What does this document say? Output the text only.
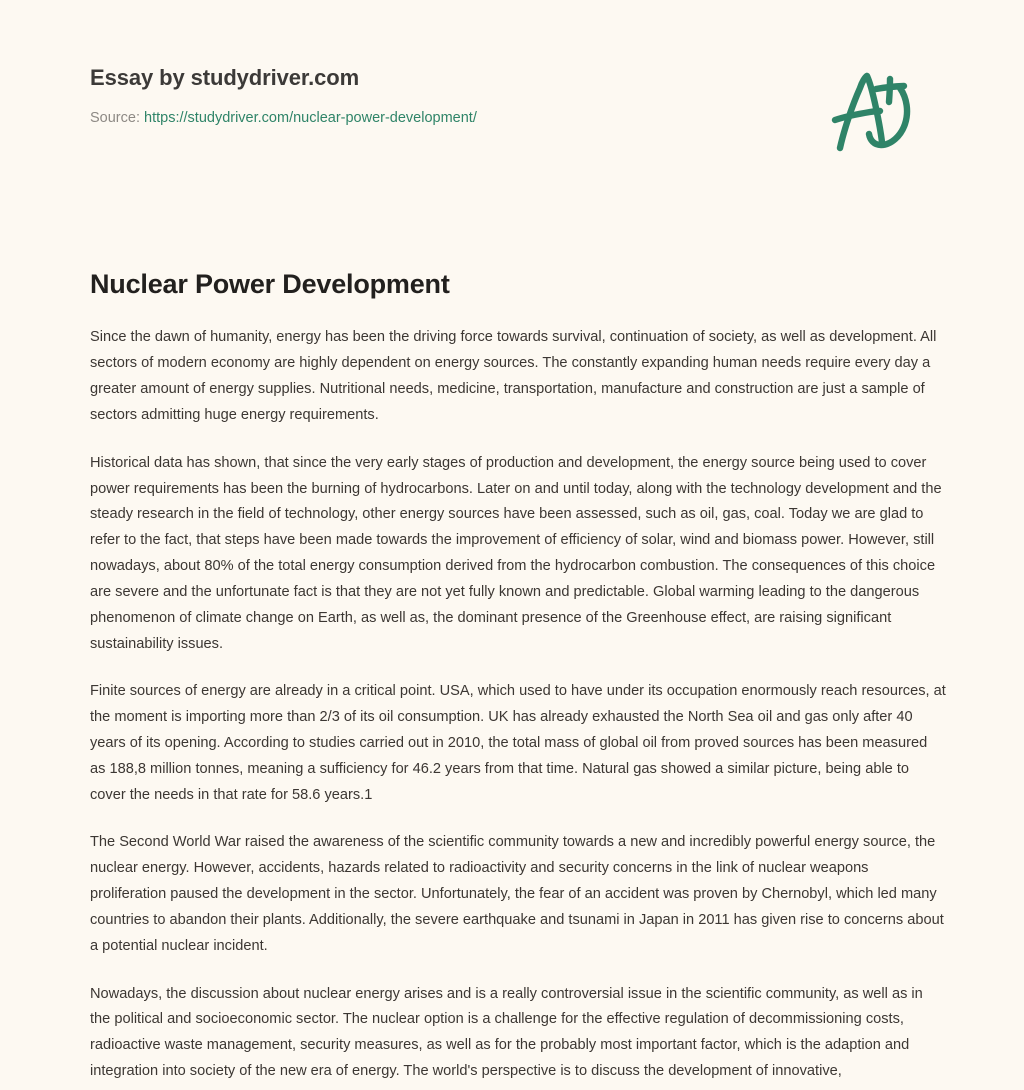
Essay by studydriver.com
Source: https://studydriver.com/nuclear-power-development/
Nuclear Power Development

Since the dawn of humanity, energy has been the driving force towards survival, continuation of society, as well as development. All sectors of modern economy are highly dependent on energy sources. The constantly expanding human needs require every day a greater amount of energy supplies. Nutritional needs, medicine, transportation, manufacture and construction are just a sample of sectors admitting huge energy requirements.

Historical data has shown, that since the very early stages of production and development, the energy source being used to cover power requirements has been the burning of hydrocarbons. Later on and until today, along with the technology development and the steady research in the field of technology, other energy sources have been assessed, such as oil, gas, coal. Today we are glad to refer to the fact, that steps have been made towards the improvement of efficiency of solar, wind and biomass power. However, still nowadays, about 80% of the total energy consumption derived from the hydrocarbon combustion. The consequences of this choice are severe and the unfortunate fact is that they are not yet fully known and predictable. Global warming leading to the dangerous phenomenon of climate change on Earth, as well as, the dominant presence of the Greenhouse effect, are raising significant sustainability issues.

Finite sources of energy are already in a critical point. USA, which used to have under its occupation enormously reach resources, at the moment is importing more than 2/3 of its oil consumption. UK has already exhausted the North Sea oil and gas only after 40 years of its opening. According to studies carried out in 2010, the total mass of global oil from proved sources has been measured as 188,8 million tonnes, meaning a sufficiency for 46.2 years from that time. Natural gas showed a similar picture, being able to cover the needs in that rate for 58.6 years.1

The Second World War raised the awareness of the scientific community towards a new and incredibly powerful energy source, the nuclear energy. However, accidents, hazards related to radioactivity and security concerns in the link of nuclear weapons proliferation paused the development in the sector. Unfortunately, the fear of an accident was proven by Chernobyl, which led many countries to abandon their plants. Additionally, the severe earthquake and tsunami in Japan in 2011 has given rise to concerns about a potential nuclear incident.

Nowadays, the discussion about nuclear energy arises and is a really controversial issue in the scientific community, as well as in the political and socioeconomic sector. The nuclear option is a challenge for the effective regulation of decommissioning costs, radioactive waste management, security measures, as well as for the probably most important factor, which is the adaption and integration into society of the new era of energy. The world's perspective is to discuss the development of innovative,
